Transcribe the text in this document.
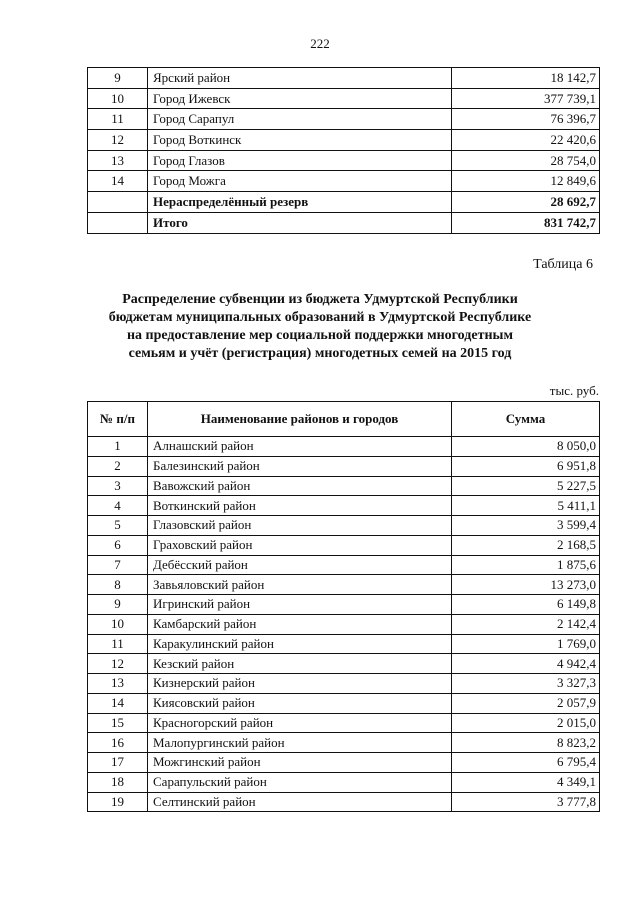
222
9	Ярский район	18 142,7
10	Город Ижевск	377 739,1
11	Город Сарапул	76 396,7
12	Город Воткинск	22 420,6
13	Город Глазов	28 754,0
14	Город Можга	12 849,6
	Нераспределённый резерв	28 692,7
	Итого	831 742,7
Таблица 6
Распределение субвенции из бюджета Удмуртской Республики
бюджетам муниципальных образований в Удмуртской Республике
на предоставление мер социальной поддержки многодетным
семьям и учёт (регистрация) многодетных семей на 2015 год
тыс. руб.
№ п/п	Наименование районов и городов	Сумма
1	Алнашский район	8 050,0
2	Балезинский район	6 951,8
3	Вавожский район	5 227,5
4	Воткинский район	5 411,1
5	Глазовский район	3 599,4
6	Граховский район	2 168,5
7	Дебёсский район	1 875,6
8	Завьяловский район	13 273,0
9	Игринский район	6 149,8
10	Камбарский район	2 142,4
11	Каракулинский район	1 769,0
12	Кезский район	4 942,4
13	Кизнерский район	3 327,3
14	Киясовский район	2 057,9
15	Красногорский район	2 015,0
16	Малопургинский район	8 823,2
17	Можгинский район	6 795,4
18	Сарапульский район	4 349,1
19	Селтинский район	3 777,8
